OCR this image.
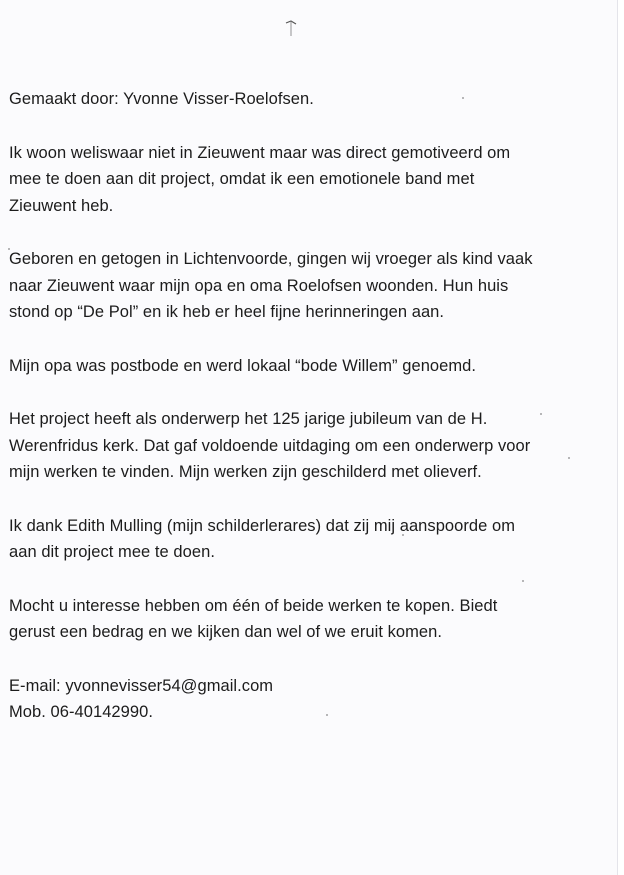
Gemaakt door: Yvonne Visser-Roelofsen.

Ik woon weliswaar niet in Zieuwent maar was direct gemotiveerd om
mee te doen aan dit project, omdat ik een emotionele band met
Zieuwent heb.

Geboren en getogen in Lichtenvoorde, gingen wij vroeger als kind vaak
naar Zieuwent waar mijn opa en oma Roelofsen woonden. Hun huis
stond op “De Pol” en ik heb er heel fijne herinneringen aan.

Mijn opa was postbode en werd lokaal “bode Willem” genoemd.

Het project heeft als onderwerp het 125 jarige jubileum van de H.
Werenfridus kerk. Dat gaf voldoende uitdaging om een onderwerp voor
mijn werken te vinden. Mijn werken zijn geschilderd met olieverf.

Ik dank Edith Mulling (mijn schilderlerares) dat zij mij aanspoorde om
aan dit project mee te doen.

Mocht u interesse hebben om één of beide werken te kopen. Biedt
gerust een bedrag en we kijken dan wel of we eruit komen.

E-mail: yvonnevisser54@gmail.com

Mob. 06-40142990.
